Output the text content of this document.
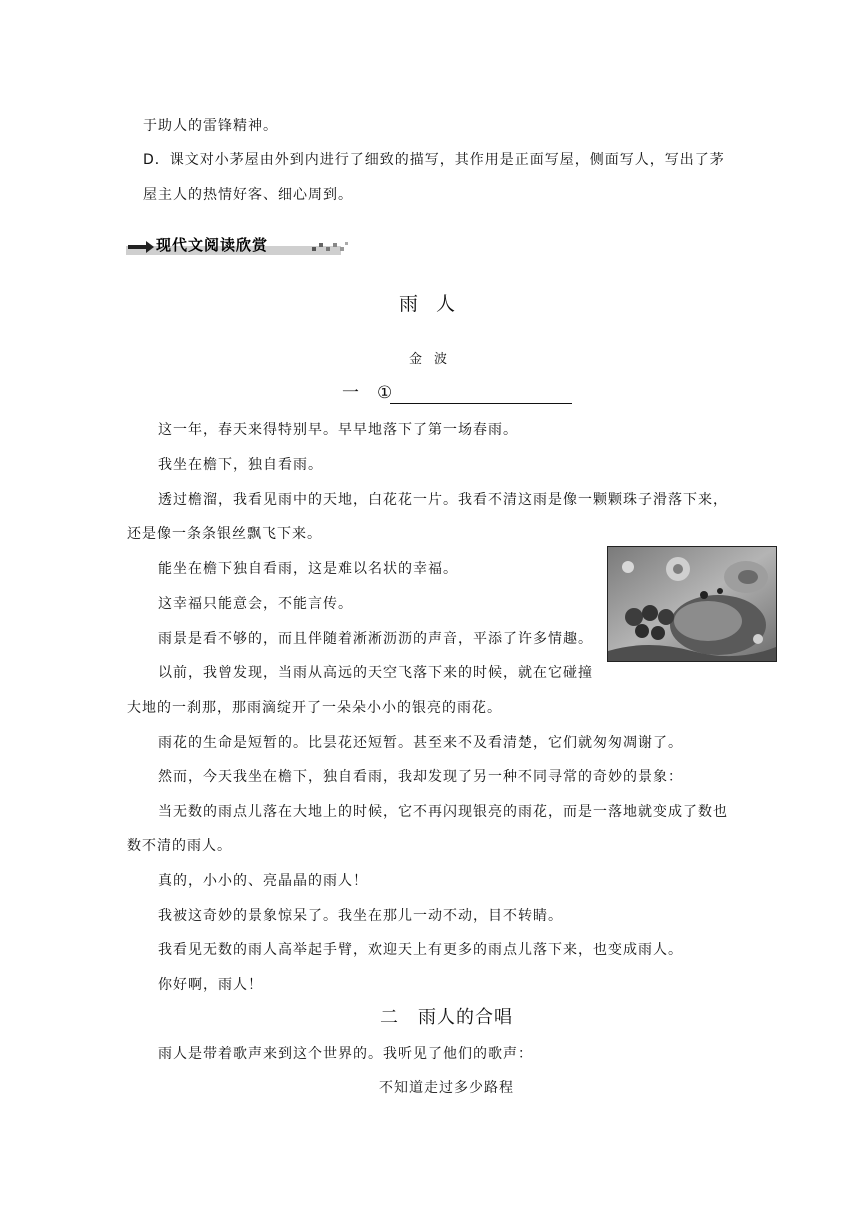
于助人的雷锋精神。
D．课文对小茅屋由外到内进行了细致的描写，其作用是正面写屋，侧面写人，写出了茅
屋主人的热情好客、细心周到。
现代文阅读欣赏
雨人
金波
一 ①
这一年，春天来得特别早。早早地落下了第一场春雨。
我坐在檐下，独自看雨。
透过檐溜，我看见雨中的天地，白花花一片。我看不清这雨是像一颗颗珠子滑落下来，
还是像一条条银丝飘飞下来。
能坐在檐下独自看雨，这是难以名状的幸福。
这幸福只能意会，不能言传。
雨景是看不够的，而且伴随着淅淅沥沥的声音，平添了许多情趣。
以前，我曾发现，当雨从高远的天空飞落下来的时候，就在它碰撞
大地的一刹那，那雨滴绽开了一朵朵小小的银亮的雨花。
雨花的生命是短暂的。比昙花还短暂。甚至来不及看清楚，它们就匆匆凋谢了。
然而，今天我坐在檐下，独自看雨，我却发现了另一种不同寻常的奇妙的景象：
当无数的雨点儿落在大地上的时候，它不再闪现银亮的雨花，而是一落地就变成了数也
数不清的雨人。
真的，小小的、亮晶晶的雨人！
我被这奇妙的景象惊呆了。我坐在那儿一动不动，目不转睛。
我看见无数的雨人高举起手臂，欢迎天上有更多的雨点儿落下来，也变成雨人。
你好啊，雨人！
二　雨人的合唱
雨人是带着歌声来到这个世界的。我听见了他们的歌声：
不知道走过多少路程
